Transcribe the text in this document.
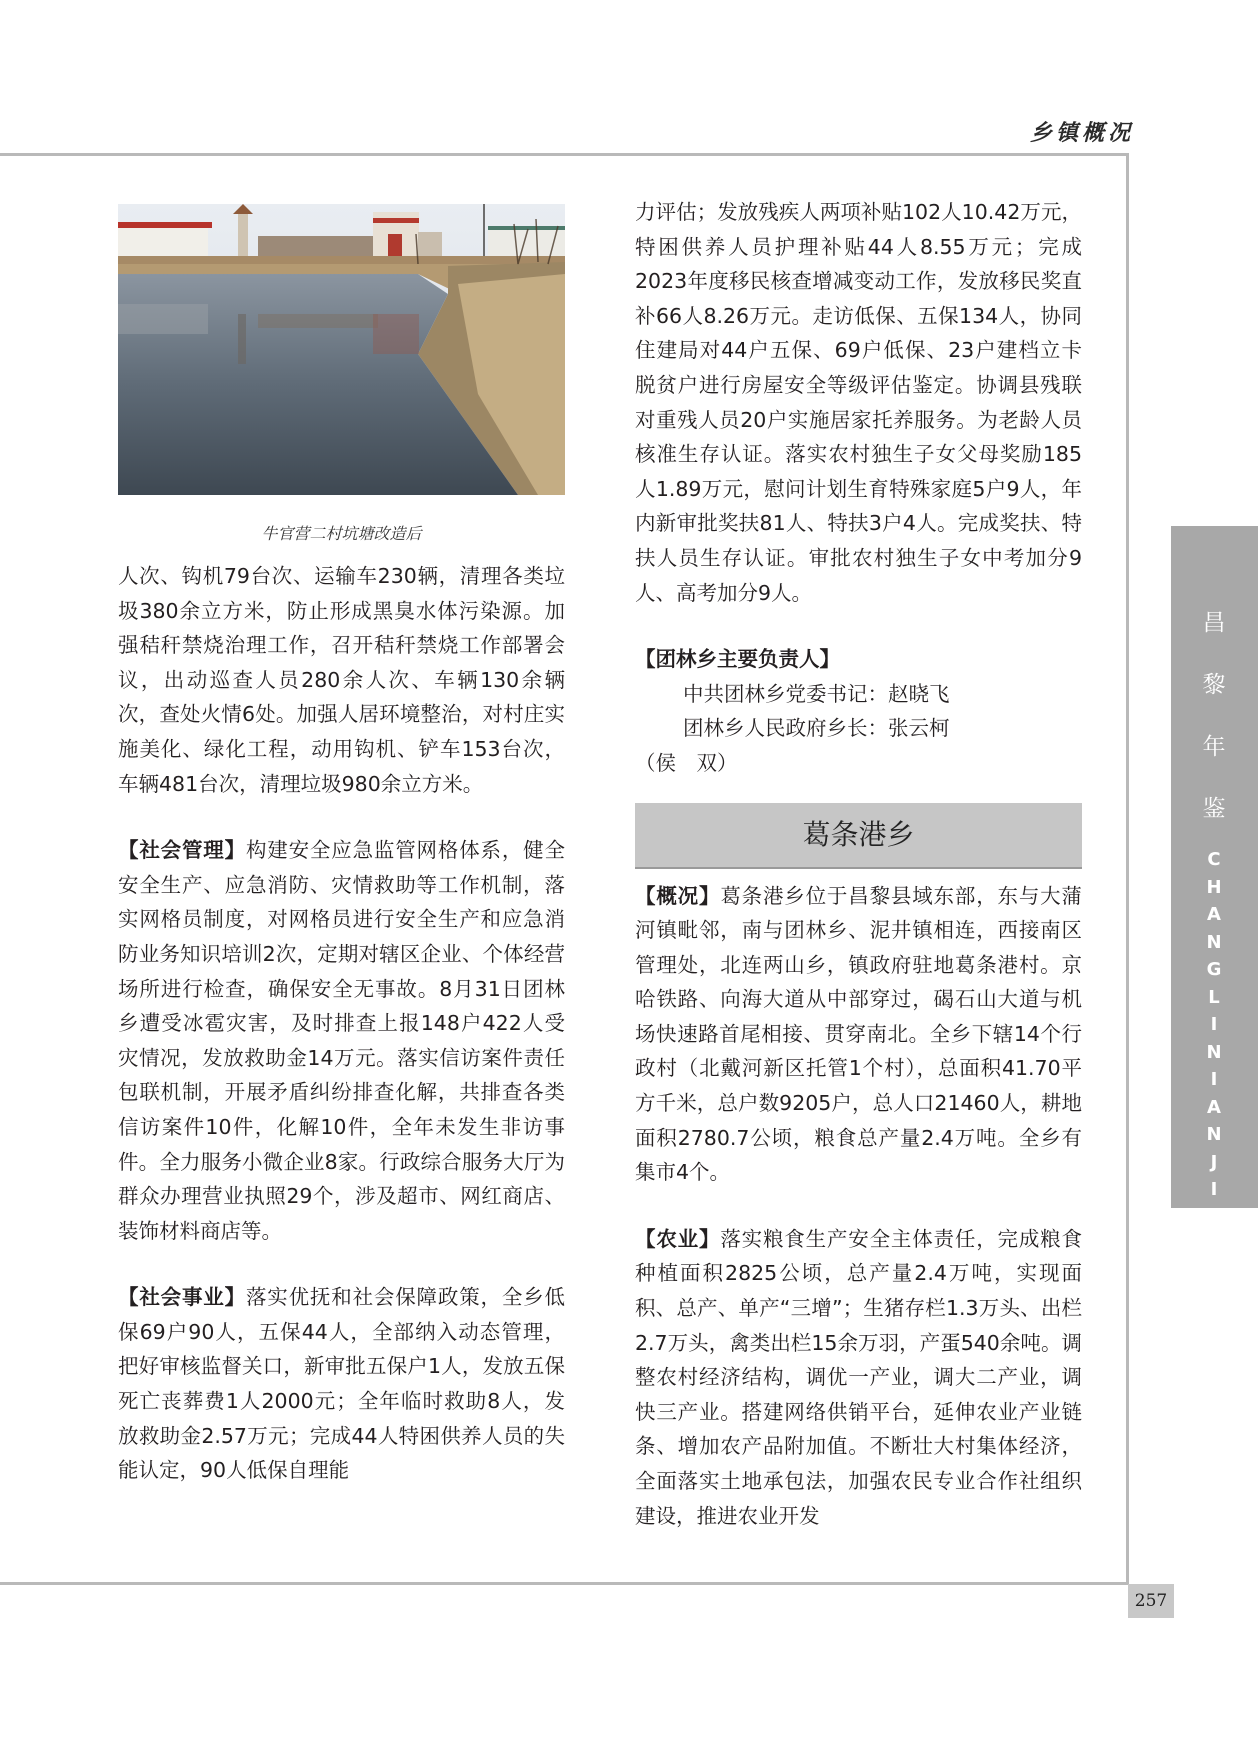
乡镇概况
257
昌
黎
年
鉴
C
H
A
N
G
L
I
N
I
A
N
J
I
A
N
牛官营二村坑塘改造后

人次、钩机79台次、运输车230辆，清理各类垃圾380余立方米，防止形成黑臭水体污染源。加强秸秆禁烧治理工作，召开秸秆禁烧工作部署会议，出动巡查人员280余人次、车辆130余辆次，查处火情6处。加强人居环境整治，对村庄实施美化、绿化工程，动用钩机、铲车153台次，车辆481台次，清理垃圾980余立方米。

【社会管理】构建安全应急监管网格体系，健全安全生产、应急消防、灾情救助等工作机制，落实网格员制度，对网格员进行安全生产和应急消防业务知识培训2次，定期对辖区企业、个体经营场所进行检查，确保安全无事故。8月31日团林乡遭受冰雹灾害，及时排查上报148户422人受灾情况，发放救助金14万元。落实信访案件责任包联机制，开展矛盾纠纷排查化解，共排查各类信访案件10件，化解10件，全年未发生非访事件。全力服务小微企业8家。行政综合服务大厅为群众办理营业执照29个，涉及超市、网红商店、装饰材料商店等。

【社会事业】落实优抚和社会保障政策，全乡低保69户90人，五保44人，全部纳入动态管理，把好审核监督关口，新审批五保户1人，发放五保死亡丧葬费1人2000元；全年临时救助8人，发放救助金2.57万元；完成44人特困供养人员的失能认定，90人低保自理能

力评估；发放残疾人两项补贴102人10.42万元，特困供养人员护理补贴44人8.55万元；完成2023年度移民核查增减变动工作，发放移民奖直补66人8.26万元。走访低保、五保134人，协同住建局对44户五保、69户低保、23户建档立卡脱贫户进行房屋安全等级评估鉴定。协调县残联对重残人员20户实施居家托养服务。为老龄人员核准生存认证。落实农村独生子女父母奖励185人1.89万元，慰问计划生育特殊家庭5户9人，年内新审批奖扶81人、特扶3户4人。完成奖扶、特扶人员生存认证。审批农村独生子女中考加分9人、高考加分9人。

【团林乡主要负责人】

中共团林乡党委书记：赵晓飞

团林乡人民政府乡长：张云柯

（侯　双）

葛条港乡

【概况】葛条港乡位于昌黎县域东部，东与大蒲河镇毗邻，南与团林乡、泥井镇相连，西接南区管理处，北连两山乡，镇政府驻地葛条港村。京哈铁路、向海大道从中部穿过，碣石山大道与机场快速路首尾相接、贯穿南北。全乡下辖14个行政村（北戴河新区托管1个村），总面积41.70平方千米，总户数9205户，总人口21460人，耕地面积2780.7公顷，粮食总产量2.4万吨。全乡有集市4个。

【农业】落实粮食生产安全主体责任，完成粮食种植面积2825公顷，总产量2.4万吨，实现面积、总产、单产“三增”；生猪存栏1.3万头、出栏2.7万头，禽类出栏15余万羽，产蛋540余吨。调整农村经济结构，调优一产业，调大二产业，调快三产业。搭建网络供销平台，延伸农业产业链条、增加农产品附加值。不断壮大村集体经济，全面落实土地承包法，加强农民专业合作社组织建设，推进农业开发
